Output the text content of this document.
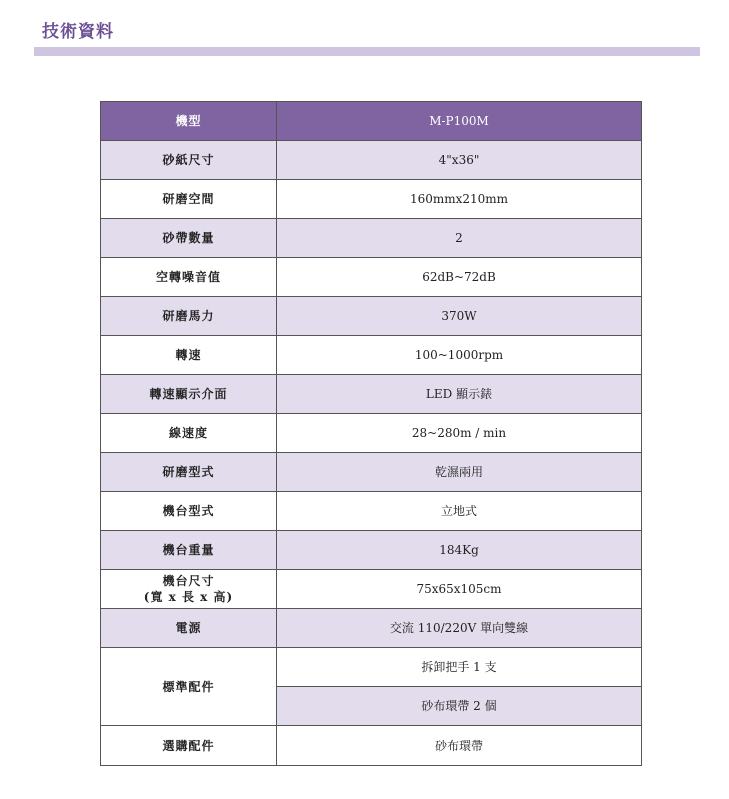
技術資料
機型	M-P100M
砂紙尺寸	4"x36"
研磨空間	160mmx210mm
砂帶數量	2
空轉噪音值	62dB~72dB
研磨馬力	370W
轉速	100~1000rpm
轉速顯示介面	LED 顯示錶
線速度	28~280m / min
研磨型式	乾濕兩用
機台型式	立地式
機台重量	184Kg

機台尺寸
(寬 x 長 x 高)	75x65x105cm
電源	交流 110/220V 單向雙線
標準配件	拆卸把手 1 支
	砂布環帶 2 個
選購配件	砂布環帶
